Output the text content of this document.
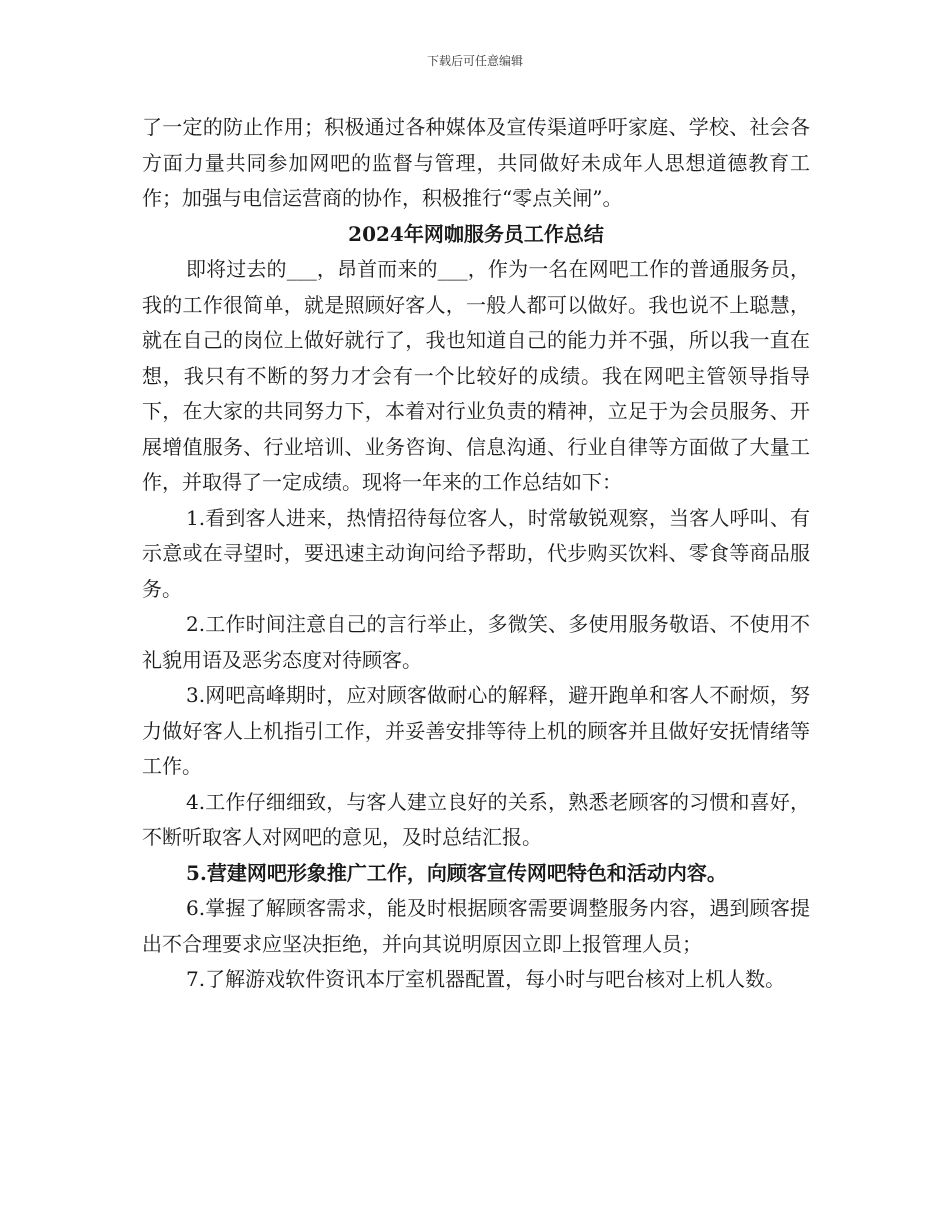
下载后可任意编辑

了一定的防止作用；积极通过各种媒体及宣传渠道呼吁家庭、学校、社会各方面力量共同参加网吧的监督与管理，共同做好未成年人思想道德教育工作；加强与电信运营商的协作，积极推行“零点关闸”。

2024年网咖服务员工作总结

即将过去的___，昂首而来的___，作为一名在网吧工作的普通服务员，我的工作很简单，就是照顾好客人，一般人都可以做好。我也说不上聪慧，就在自己的岗位上做好就行了，我也知道自己的能力并不强，所以我一直在想，我只有不断的努力才会有一个比较好的成绩。我在网吧主管领导指导下，在大家的共同努力下，本着对行业负责的精神，立足于为会员服务、开展增值服务、行业培训、业务咨询、信息沟通、行业自律等方面做了大量工作，并取得了一定成绩。现将一年来的工作总结如下：

1.看到客人进来，热情招待每位客人，时常敏锐观察，当客人呼叫、有示意或在寻望时，要迅速主动询问给予帮助，代步购买饮料、零食等商品服务。

2.工作时间注意自己的言行举止，多微笑、多使用服务敬语、不使用不礼貌用语及恶劣态度对待顾客。

3.网吧高峰期时，应对顾客做耐心的解释，避开跑单和客人不耐烦，努力做好客人上机指引工作，并妥善安排等待上机的顾客并且做好安抚情绪等工作。

4.工作仔细细致，与客人建立良好的关系，熟悉老顾客的习惯和喜好，不断听取客人对网吧的意见，及时总结汇报。

5.营建网吧形象推广工作，向顾客宣传网吧特色和活动内容。

6.掌握了解顾客需求，能及时根据顾客需要调整服务内容，遇到顾客提出不合理要求应坚决拒绝，并向其说明原因立即上报管理人员；

7.了解游戏软件资讯本厅室机器配置，每小时与吧台核对上机人数。
